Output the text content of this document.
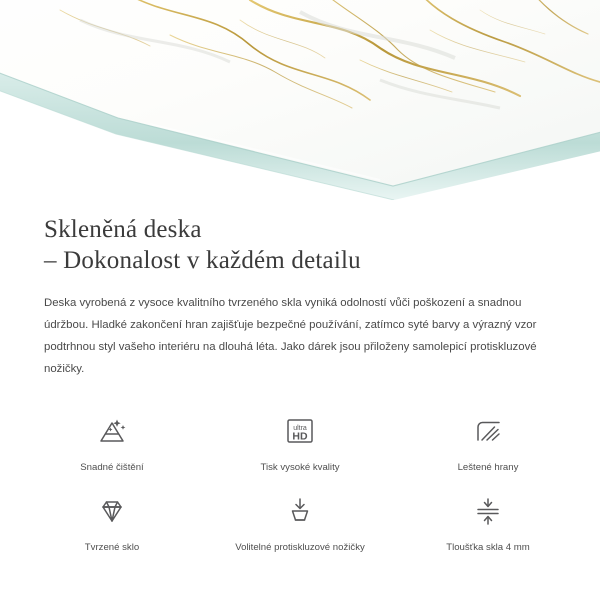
Skleněná deska
– Dokonalost v každém detailu

Deska vyrobená z vysoce kvalitního tvrzeného skla vyniká odolností vůči poškození a snadnou údržbou. Hladké zakončení hran zajišťuje bezpečné používání, zatímco syté barvy a výrazný vzor podtrhnou styl vašeho interiéru na dlouhá léta. Jako dárek jsou přiloženy samolepicí protiskluzové nožičky.

Snadné čištění
ultra
HD
Tisk vysoké kvality	Leštené hrany
Tvrzené sklo	Volitelné protiskluzové nožičky	Tloušťka skla 4 mm
